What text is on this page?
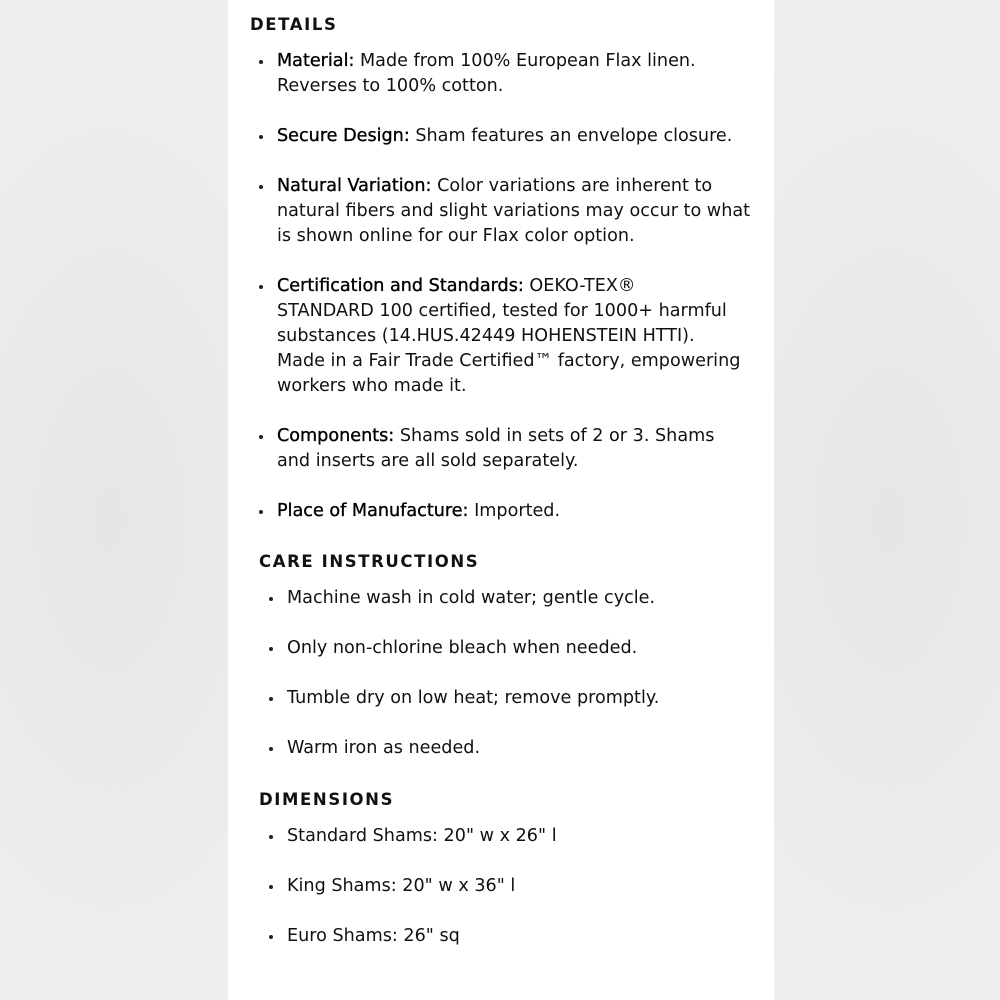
DETAILS
Material: Made from 100% European Flax linen.
Reverses to 100% cotton.
Secure Design: Sham features an envelope closure.
Natural Variation: Color variations are inherent to
natural fibers and slight variations may occur to what
is shown online for our Flax color option.
Certification and Standards: OEKO-TEX®
STANDARD 100 certified, tested for 1000+ harmful
substances (14.HUS.42449 HOHENSTEIN HTTI).
Made in a Fair Trade Certified™ factory, empowering
workers who made it.
Components: Shams sold in sets of 2 or 3. Shams
and inserts are all sold separately.
Place of Manufacture: Imported.
CARE INSTRUCTIONS
Machine wash in cold water; gentle cycle.
Only non-chlorine bleach when needed.
Tumble dry on low heat; remove promptly.
Warm iron as needed.
DIMENSIONS
Standard Shams: 20" w x 26" l
King Shams: 20" w x 36" l
Euro Shams: 26" sq
